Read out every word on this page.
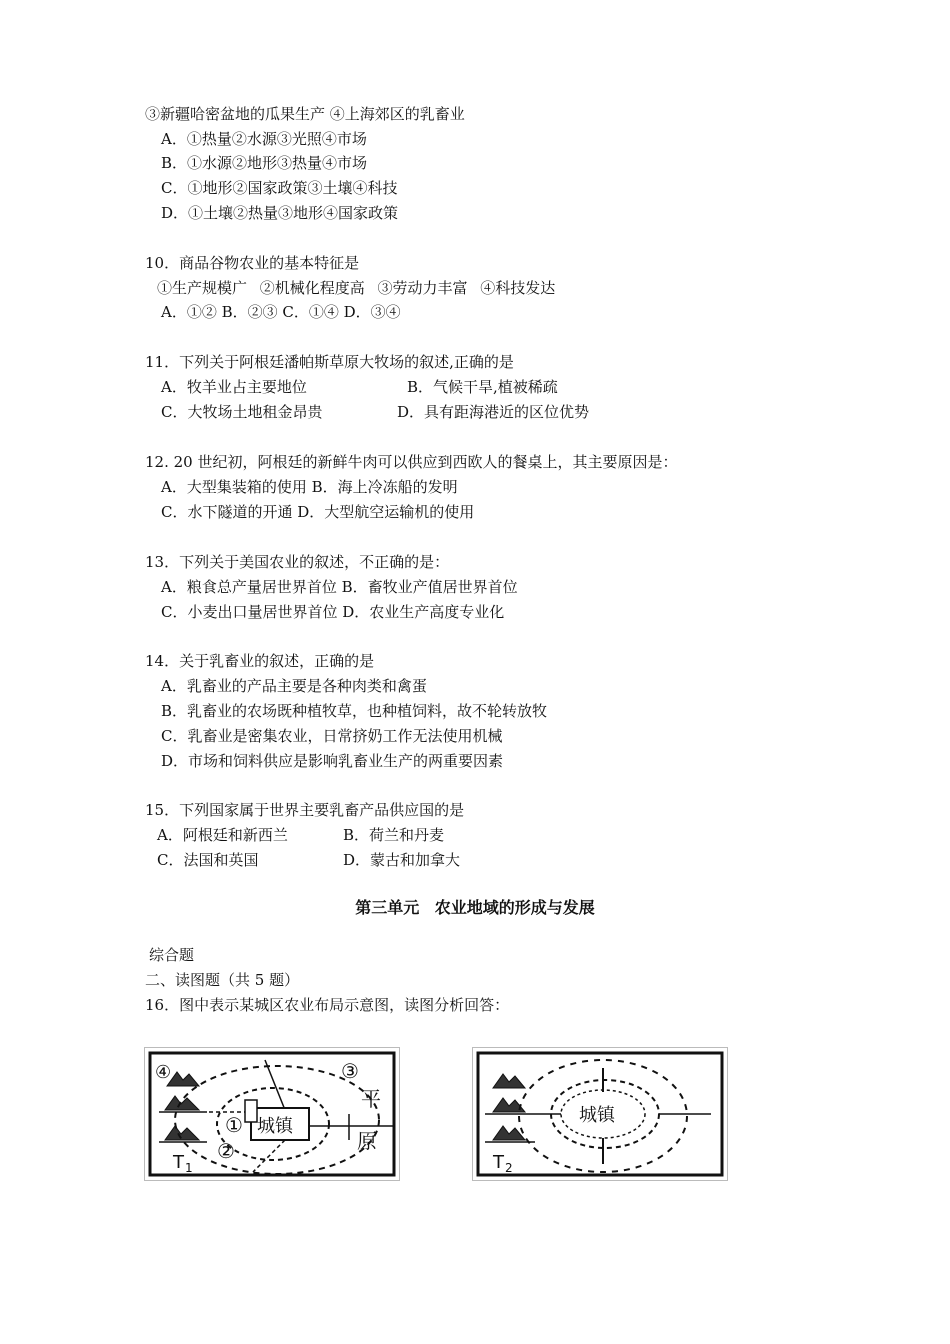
③新疆哈密盆地的瓜果生产 ④上海郊区的乳畜业
A．①热量②水源③光照④市场
B．①水源②地形③热量④市场
C．①地形②国家政策③土壤④科技
D．①土壤②热量③地形④国家政策
10．商品谷物农业的基本特征是
①生产规模广 ②机械化程度高 ③劳动力丰富 ④科技发达
A．①② B．②③ C．①④ D．③④
11．下列关于阿根廷潘帕斯草原大牧场的叙述,正确的是
A．牧羊业占主要地位	B．气候干旱,植被稀疏
C．大牧场土地租金昂贵	D．具有距海港近的区位优势
12. 20 世纪初，阿根廷的新鲜牛肉可以供应到西欧人的餐桌上，其主要原因是：
A．大型集装箱的使用 B．海上冷冻船的发明
C．水下隧道的开通 D．大型航空运输机的使用
13．下列关于美国农业的叙述，不正确的是：
A．粮食总产量居世界首位 B．畜牧业产值居世界首位
C．小麦出口量居世界首位 D．农业生产高度专业化
14．关于乳畜业的叙述，正确的是
A．乳畜业的产品主要是各种肉类和禽蛋
B．乳畜业的农场既种植牧草，也种植饲料，故不轮转放牧
C．乳畜业是密集农业，日常挤奶工作无法使用机械
D．市场和饲料供应是影响乳畜业生产的两重要因素
15．下列国家属于世界主要乳畜产品供应国的是
A．阿根廷和新西兰	B．荷兰和丹麦
C．法国和英国	D．蒙古和加拿大
第三单元 农业地域的形成与发展
综合题
二、读图题（共 5 题）
16．图中表示某城区农业布局示意图，读图分析回答：
城镇
①
②
③
④
平
原
T 1
城镇
T 2
